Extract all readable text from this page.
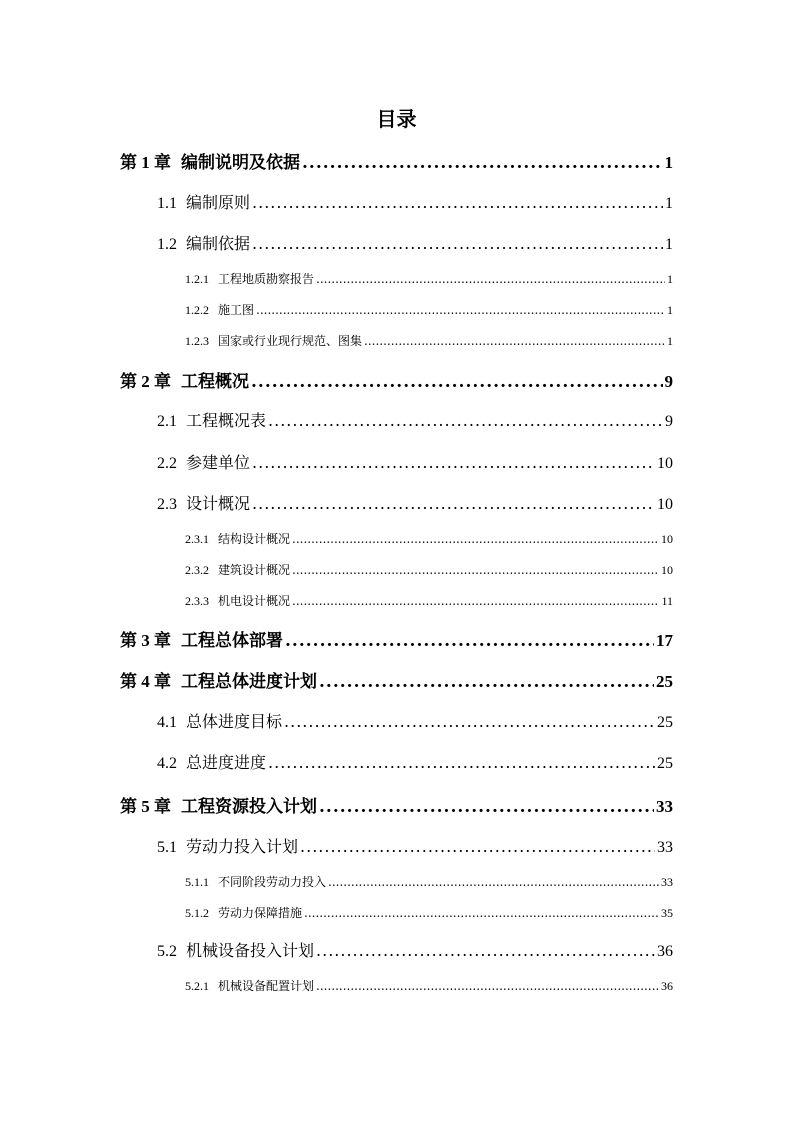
目录
第 1 章 编制说明及依据 .....	1
1.1 编制原则 .....	1
1.2 编制依据 .....	1
1.2.1 工程地质勘察报告 .....	1
1.2.2 施工图 .....	1
1.2.3 国家或行业现行规范、图集 .....	1
第 2 章 工程概况 .....	9
2.1 工程概况表 .....	9
2.2 参建单位 .....	10
2.3 设计概况 .....	10
2.3.1 结构设计概况 .....	10
2.3.2 建筑设计概况 .....	10
2.3.3 机电设计概况 .....	11
第 3 章 工程总体部署 .....	17
第 4 章 工程总体进度计划 .....	25
4.1 总体进度目标 .....	25
4.2 总进度进度 .....	25
第 5 章 工程资源投入计划 .....	33
5.1 劳动力投入计划 .....	33
5.1.1 不同阶段劳动力投入 .....	33
5.1.2 劳动力保障措施 .....	35
5.2 机械设备投入计划 .....	36
5.2.1 机械设备配置计划 .....	36
